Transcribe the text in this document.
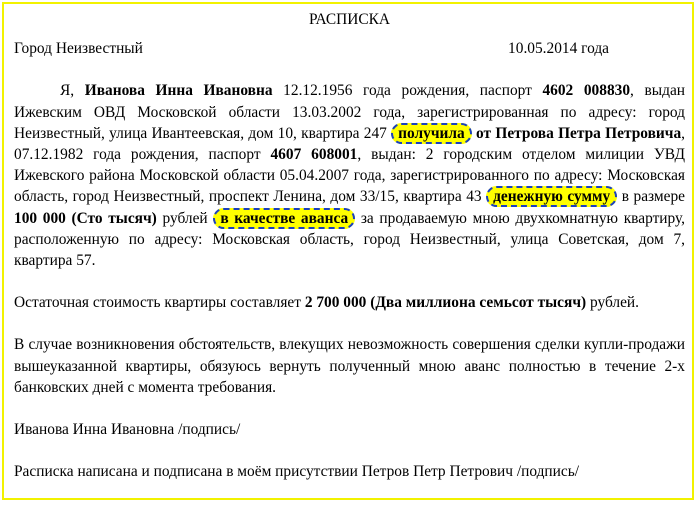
РАСПИСКА
Город Неизвестный	10.05.2014 года

Я, Иванова Инна Ивановна 12.12.1956 года рождения, паспорт 4602 008830, выдан Ижевским ОВД Московской области 13.03.2002 года, зарегистрированная по адресу: город Неизвестный, улица Ивантеевская, дом 10, квартира 247 получила от Петрова Петра Петровича, 07.12.1982 года рождения, паспорт 4607 608001, выдан: 2 городским отделом милиции УВД Ижевского района Московской области 05.04.2007 года, зарегистрированного по адресу: Московская область, город Неизвестный, проспект Ленина, дом 33/15, квартира 43 денежную сумму в размере 100 000 (Сто тысяч) рублей в качестве аванса за продаваемую мною двухкомнатную квартиру, расположенную по адресу: Московская область, город Неизвестный, улица Советская, дом 7, квартира 57.

Остаточная стоимость квартиры составляет 2 700 000 (Два миллиона семьсот тысяч) рублей.

В случае возникновения обстоятельств, влекущих невозможность совершения сделки купли-продажи вышеуказанной квартиры, обязуюсь вернуть полученный мною аванс полностью в течение 2-х банковских дней с момента требования.

Иванова Инна Ивановна /подпись/

Расписка написана и подписана в моём присутствии Петров Петр Петрович /подпись/
